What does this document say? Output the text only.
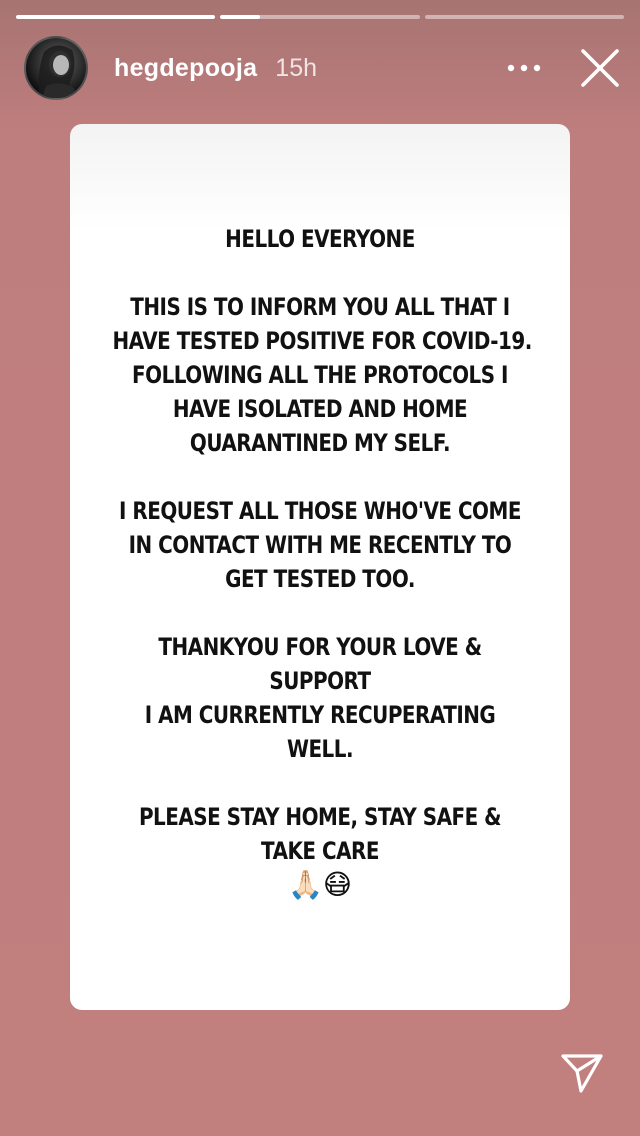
hegdepooja 15h
HELLO EVERYONE
THIS IS TO INFORM YOU ALL THAT I
HAVE TESTED POSITIVE FOR COVID-19.
FOLLOWING ALL THE PROTOCOLS I
HAVE ISOLATED AND HOME
QUARANTINED MY SELF.
I REQUEST ALL THOSE WHO'VE COME
IN CONTACT WITH ME RECENTLY TO
GET TESTED TOO.
THANKYOU FOR YOUR LOVE &
SUPPORT
I AM CURRENTLY RECUPERATING
WELL.
PLEASE STAY HOME, STAY SAFE &
TAKE CARE
🙏🏻😷
